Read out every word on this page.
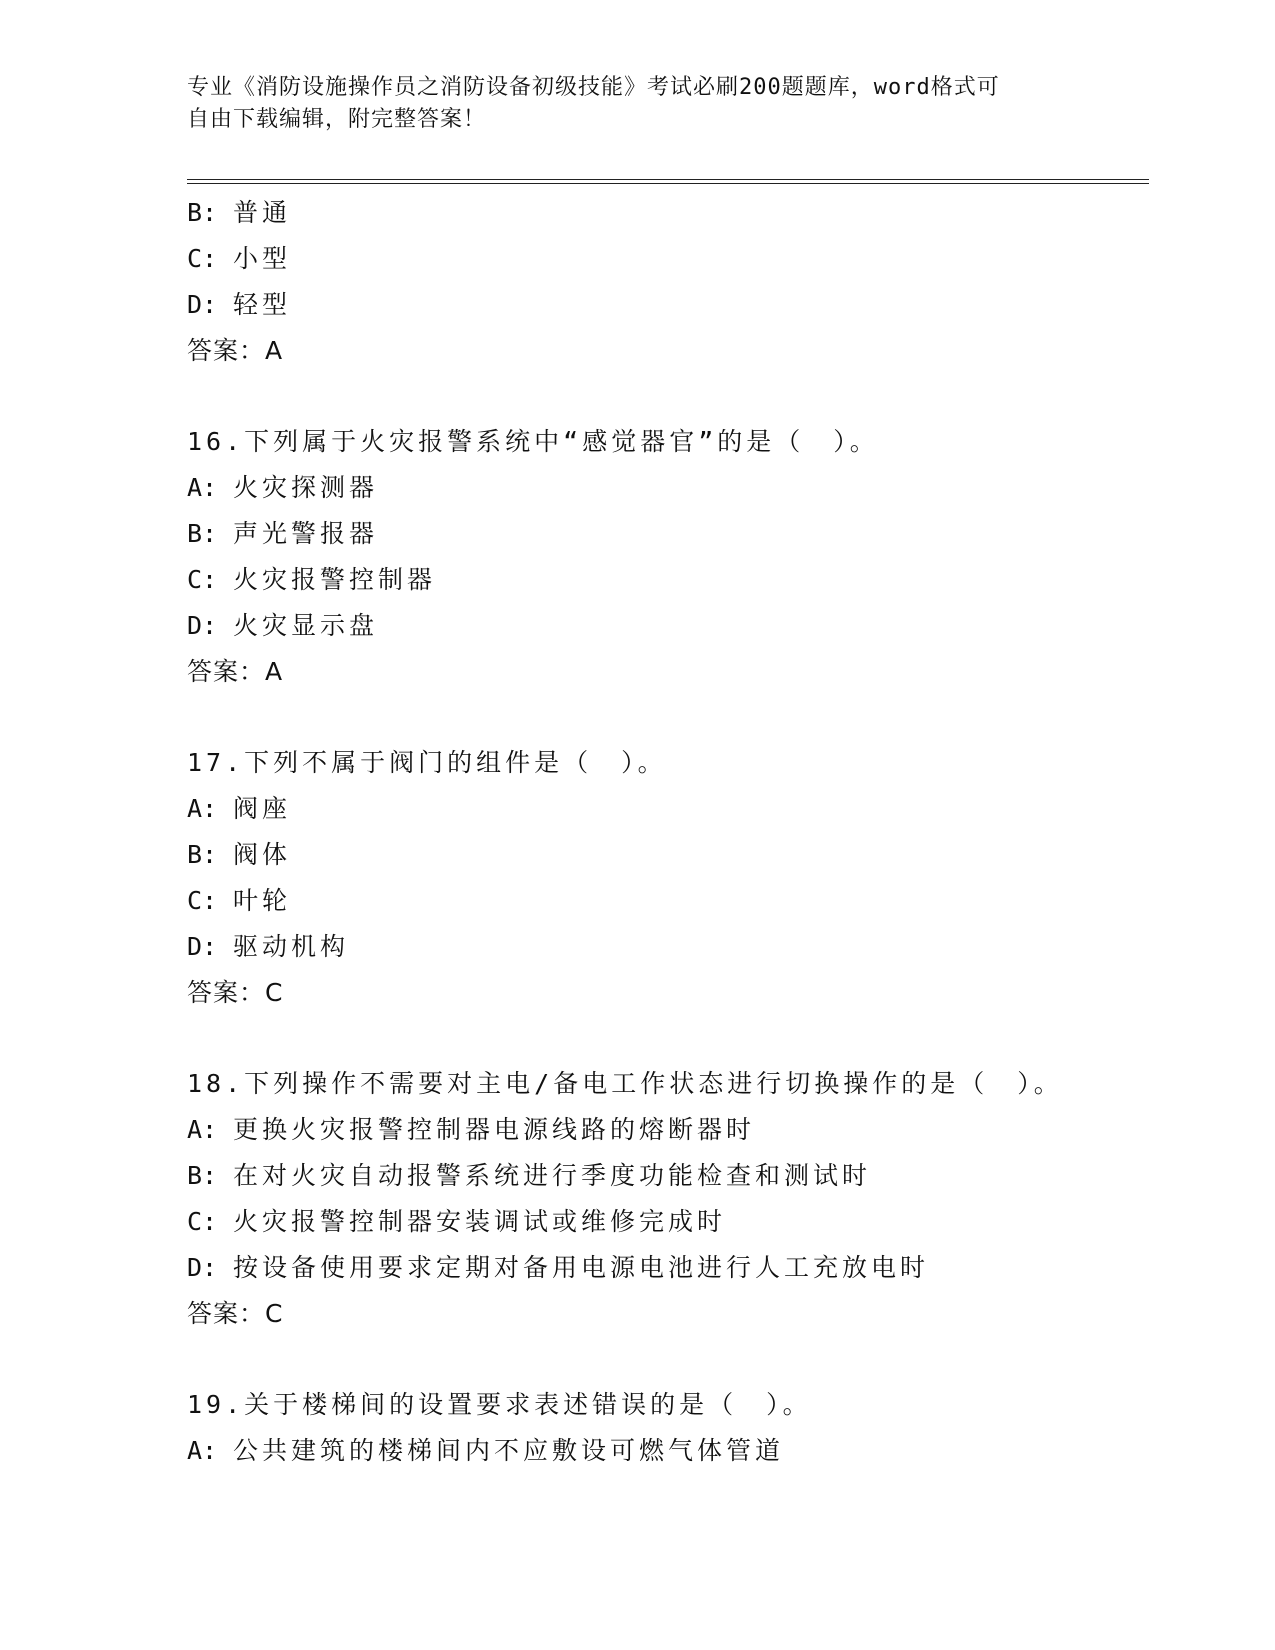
专业《消防设施操作员之消防设备初级技能》考试必刷200题题库，word格式可
自由下载编辑，附完整答案！
B: 普通
C: 小型
D: 轻型
答案：A
16.下列属于火灾报警系统中“感觉器官”的是（　）。
A: 火灾探测器
B: 声光警报器
C: 火灾报警控制器
D: 火灾显示盘
答案：A
17.下列不属于阀门的组件是（　）。
A: 阀座
B: 阀体
C: 叶轮
D: 驱动机构
答案：C
18.下列操作不需要对主电/备电工作状态进行切换操作的是（　）。
A: 更换火灾报警控制器电源线路的熔断器时
B: 在对火灾自动报警系统进行季度功能检查和测试时
C: 火灾报警控制器安装调试或维修完成时
D: 按设备使用要求定期对备用电源电池进行人工充放电时
答案：C
19.关于楼梯间的设置要求表述错误的是（　）。
A: 公共建筑的楼梯间内不应敷设可燃气体管道
